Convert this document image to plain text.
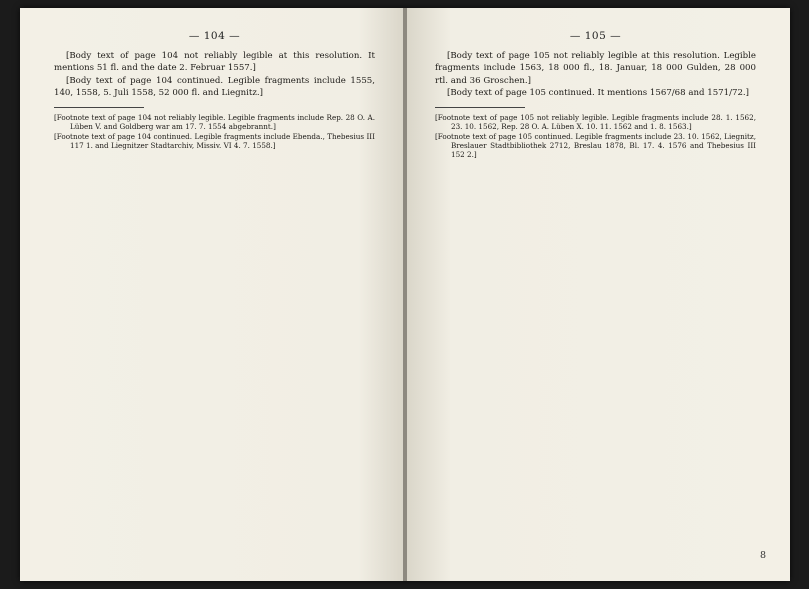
— 104 —

[Body text of page 104 not reliably legible at this resolution. It mentions 51 fl. and the date 2. Februar 1557.]

[Body text of page 104 continued. Legible fragments include 1555, 140, 1558, 5. Juli 1558, 52 000 fl. and Liegnitz.]

[Footnote text of page 104 not reliably legible. Legible fragments include Rep. 28 O. A. Lüben V. and Goldberg war am 17. 7. 1554 abgebrannt.]

[Footnote text of page 104 continued. Legible fragments include Ebenda., Thebesius III 117 1. and Liegnitzer Stadtarchiv, Missiv. VI 4. 7. 1558.]

— 105 —

[Body text of page 105 not reliably legible at this resolution. Legible fragments include 1563, 18 000 fl., 18. Januar, 18 000 Gulden, 28 000 rtl. and 36 Groschen.]

[Body text of page 105 continued. It mentions 1567/68 and 1571/72.]

[Footnote text of page 105 not reliably legible. Legible fragments include 28. 1. 1562, 23. 10. 1562, Rep. 28 O. A. Lüben X. 10. 11. 1562 and 1. 8. 1563.]

[Footnote text of page 105 continued. Legible fragments include 23. 10. 1562, Liegnitz, Breslauer Stadtbibliothek 2712, Breslau 1878, Bl. 17. 4. 1576 and Thebesius III 152 2.]

8
